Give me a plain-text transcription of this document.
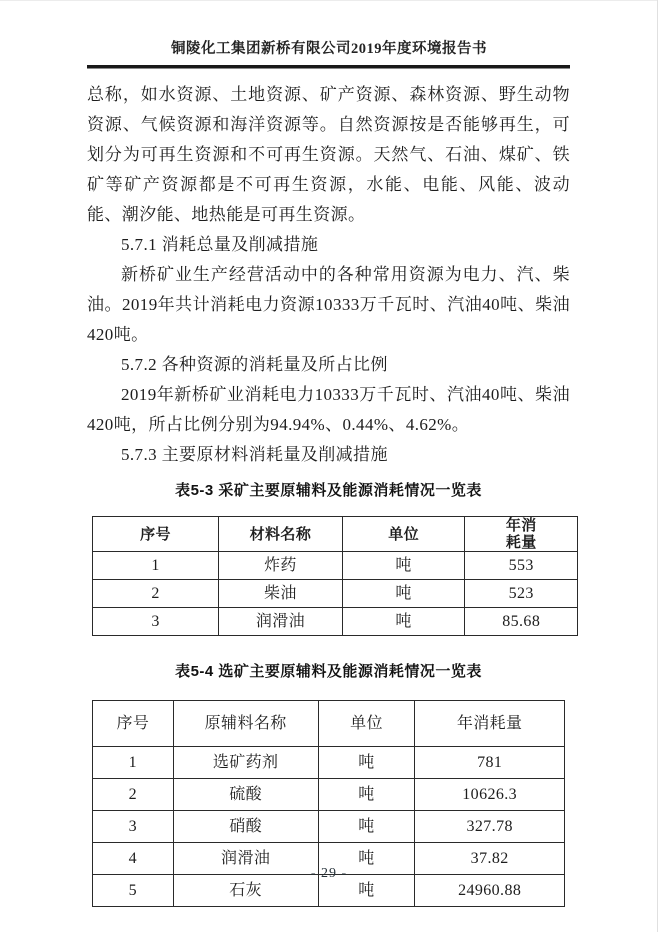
铜陵化工集团新桥有限公司2019年度环境报告书

总称，如水资源、土地资源、矿产资源、森林资源、野生动物资源、气候资源和海洋资源等。自然资源按是否能够再生，可划分为可再生资源和不可再生资源。天然气、石油、煤矿、铁矿等矿产资源都是不可再生资源，水能、电能、风能、波动能、潮汐能、地热能是可再生资源。

5.7.1 消耗总量及削减措施

新桥矿业生产经营活动中的各种常用资源为电力、汽、柴油。2019年共计消耗电力资源10333万千瓦时、汽油40吨、柴油420吨。

5.7.2 各种资源的消耗量及所占比例

2019年新桥矿业消耗电力10333万千瓦时、汽油40吨、柴油420吨，所占比例分别为94.94%、0.44%、4.62%。

5.7.3 主要原材料消耗量及削减措施
表5-3 采矿主要原辅料及能源消耗情况一览表
序号	材料名称	单位	年消耗量
1	炸药	吨	553
2	柴油	吨	523
3	润滑油	吨	85.68
表5-4 选矿主要原辅料及能源消耗情况一览表
序号	原辅料名称	单位	年消耗量
1	选矿药剂	吨	781
2	硫酸	吨	10626.3
3	硝酸	吨	327.78
4	润滑油	吨	37.82
5	石灰	吨	24960.88
- 29 -
